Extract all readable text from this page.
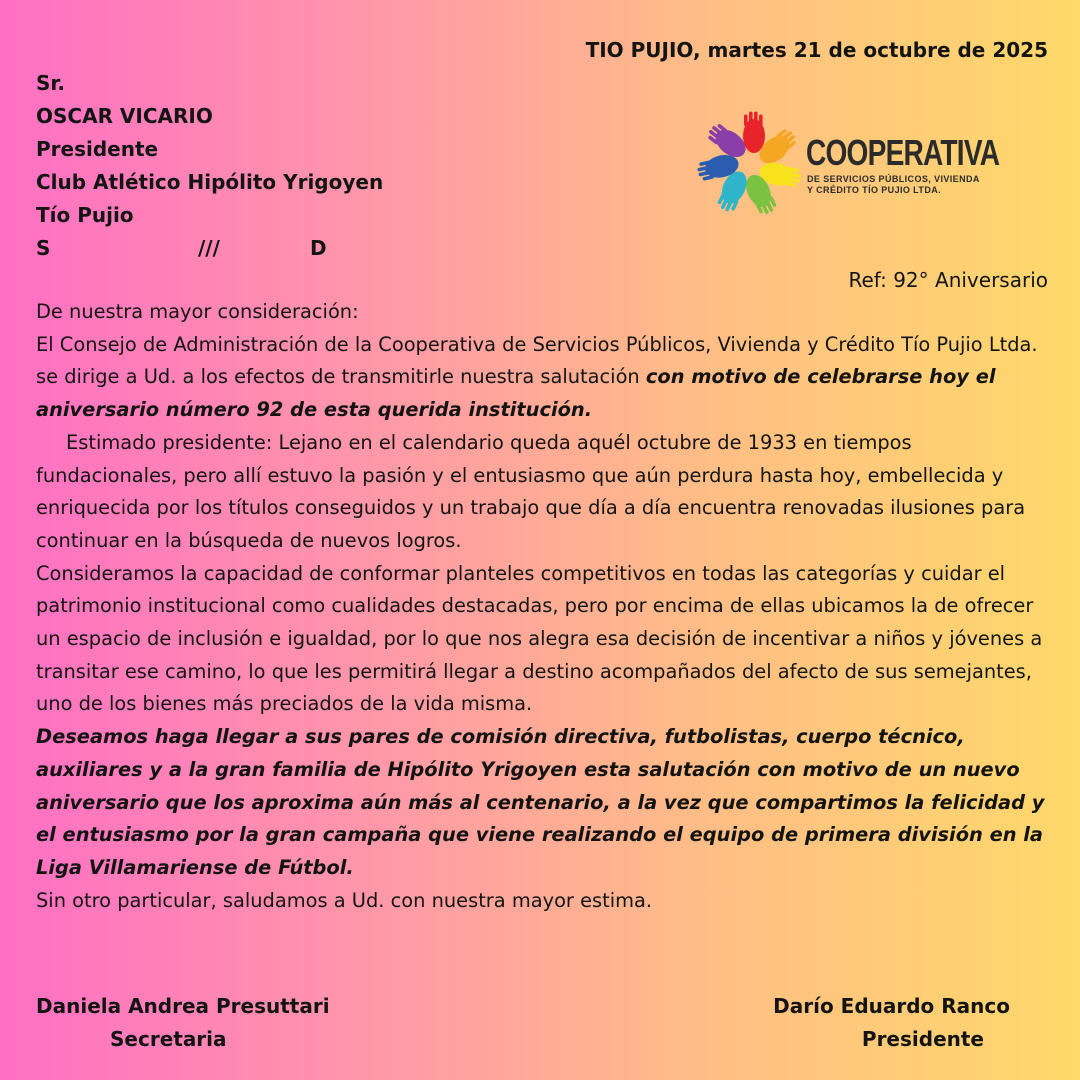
TIO PUJIO, martes 21 de octubre de 2025
Sr.
OSCAR VICARIO
Presidente
Club Atlético Hipólito Yrigoyen
Tío Pujio
S	///	D
COOPERATIVA
DE SERVICIOS PÚBLICOS, VIVIENDA
Y CRÉDITO TÍO PUJIO LTDA.
Ref: 92° Aniversario

De nuestra mayor consideración:

El Consejo de Administración de la Cooperativa de Servicios Públicos, Vivienda y Crédito Tío Pujio Ltda. se dirige a Ud. a los efectos de transmitirle nuestra salutación con motivo de celebrarse hoy el aniversario número 92 de esta querida institución.

Estimado presidente: Lejano en el calendario queda aquél octubre de 1933 en tiempos fundacionales, pero allí estuvo la pasión y el entusiasmo que aún perdura hasta hoy, embellecida y enriquecida por los títulos conseguidos y un trabajo que día a día encuentra renovadas ilusiones para continuar en la búsqueda de nuevos logros.

Consideramos la capacidad de conformar planteles competitivos en todas las categorías y cuidar el patrimonio institucional como cualidades destacadas, pero por encima de ellas ubicamos la de ofrecer un espacio de inclusión e igualdad, por lo que nos alegra esa decisión de incentivar a niños y jóvenes a transitar ese camino, lo que les permitirá llegar a destino acompañados del afecto de sus semejantes, uno de los bienes más preciados de la vida misma.

Deseamos haga llegar a sus pares de comisión directiva, futbolistas, cuerpo técnico, auxiliares y a la gran familia de Hipólito Yrigoyen esta salutación con motivo de un nuevo aniversario que los aproxima aún más al centenario, a la vez que compartimos la felicidad y el entusiasmo por la gran campaña que viene realizando el equipo de primera división en la Liga Villamariense de Fútbol.

Sin otro particular, saludamos a Ud. con nuestra mayor estima.

Daniela Andrea Presuttari
Secretaria
Darío Eduardo Ranco
Presidente
